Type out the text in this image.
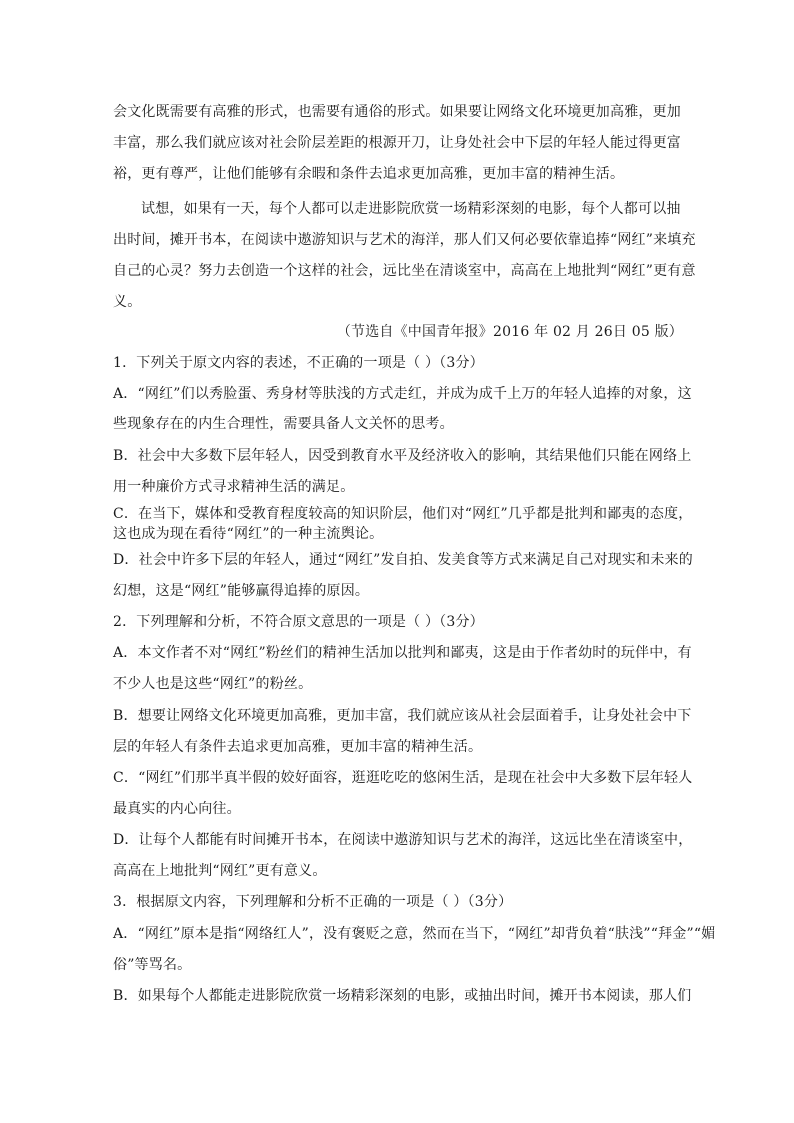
会文化既需要有高雅的形式，也需要有通俗的形式。如果要让网络文化环境更加高雅，更加
丰富，那么我们就应该对社会阶层差距的根源开刀，让身处社会中下层的年轻人能过得更富
裕，更有尊严，让他们能够有余暇和条件去追求更加高雅，更加丰富的精神生活。
试想，如果有一天，每个人都可以走进影院欣赏一场精彩深刻的电影，每个人都可以抽
出时间，摊开书本，在阅读中遨游知识与艺术的海洋，那人们又何必要依靠追捧“网红”来填充
自己的心灵？努力去创造一个这样的社会，远比坐在清谈室中，高高在上地批判“网红”更有意
义。
（节选自《中国青年报》2016 年 02 月 26日 05 版）
1．下列关于原文内容的表述，不正确的一项是（ ）（3分）
A．“网红”们以秀脸蛋、秀身材等肤浅的方式走红，并成为成千上万的年轻人追捧的对象，这
些现象存在的内生合理性，需要具备人文关怀的思考。
B．社会中大多数下层年轻人，因受到教育水平及经济收入的影响，其结果他们只能在网络上
用一种廉价方式寻求精神生活的满足。
C．在当下，媒体和受教育程度较高的知识阶层，他们对“网红”几乎都是批判和鄙夷的态度，
这也成为现在看待“网红”的一种主流舆论。
D．社会中许多下层的年轻人，通过“网红”发自拍、发美食等方式来满足自己对现实和未来的
幻想，这是“网红”能够赢得追捧的原因。
2．下列理解和分析，不符合原文意思的一项是（ ）（3分）
A．本文作者不对“网红”粉丝们的精神生活加以批判和鄙夷，这是由于作者幼时的玩伴中，有
不少人也是这些“网红”的粉丝。
B．想要让网络文化环境更加高雅，更加丰富，我们就应该从社会层面着手，让身处社会中下
层的年轻人有条件去追求更加高雅，更加丰富的精神生活。
C．“网红”们那半真半假的姣好面容，逛逛吃吃的悠闲生活，是现在社会中大多数下层年轻人
最真实的内心向往。
D．让每个人都能有时间摊开书本，在阅读中遨游知识与艺术的海洋，这远比坐在清谈室中，
高高在上地批判“网红”更有意义。
3．根据原文内容，下列理解和分析不正确的一项是（ ）（3分）
A．“网红”原本是指“网络红人”，没有褒贬之意，然而在当下，“网红”却背负着“肤浅”“拜金”“媚
俗”等骂名。
B．如果每个人都能走进影院欣赏一场精彩深刻的电影，或抽出时间，摊开书本阅读，那人们
